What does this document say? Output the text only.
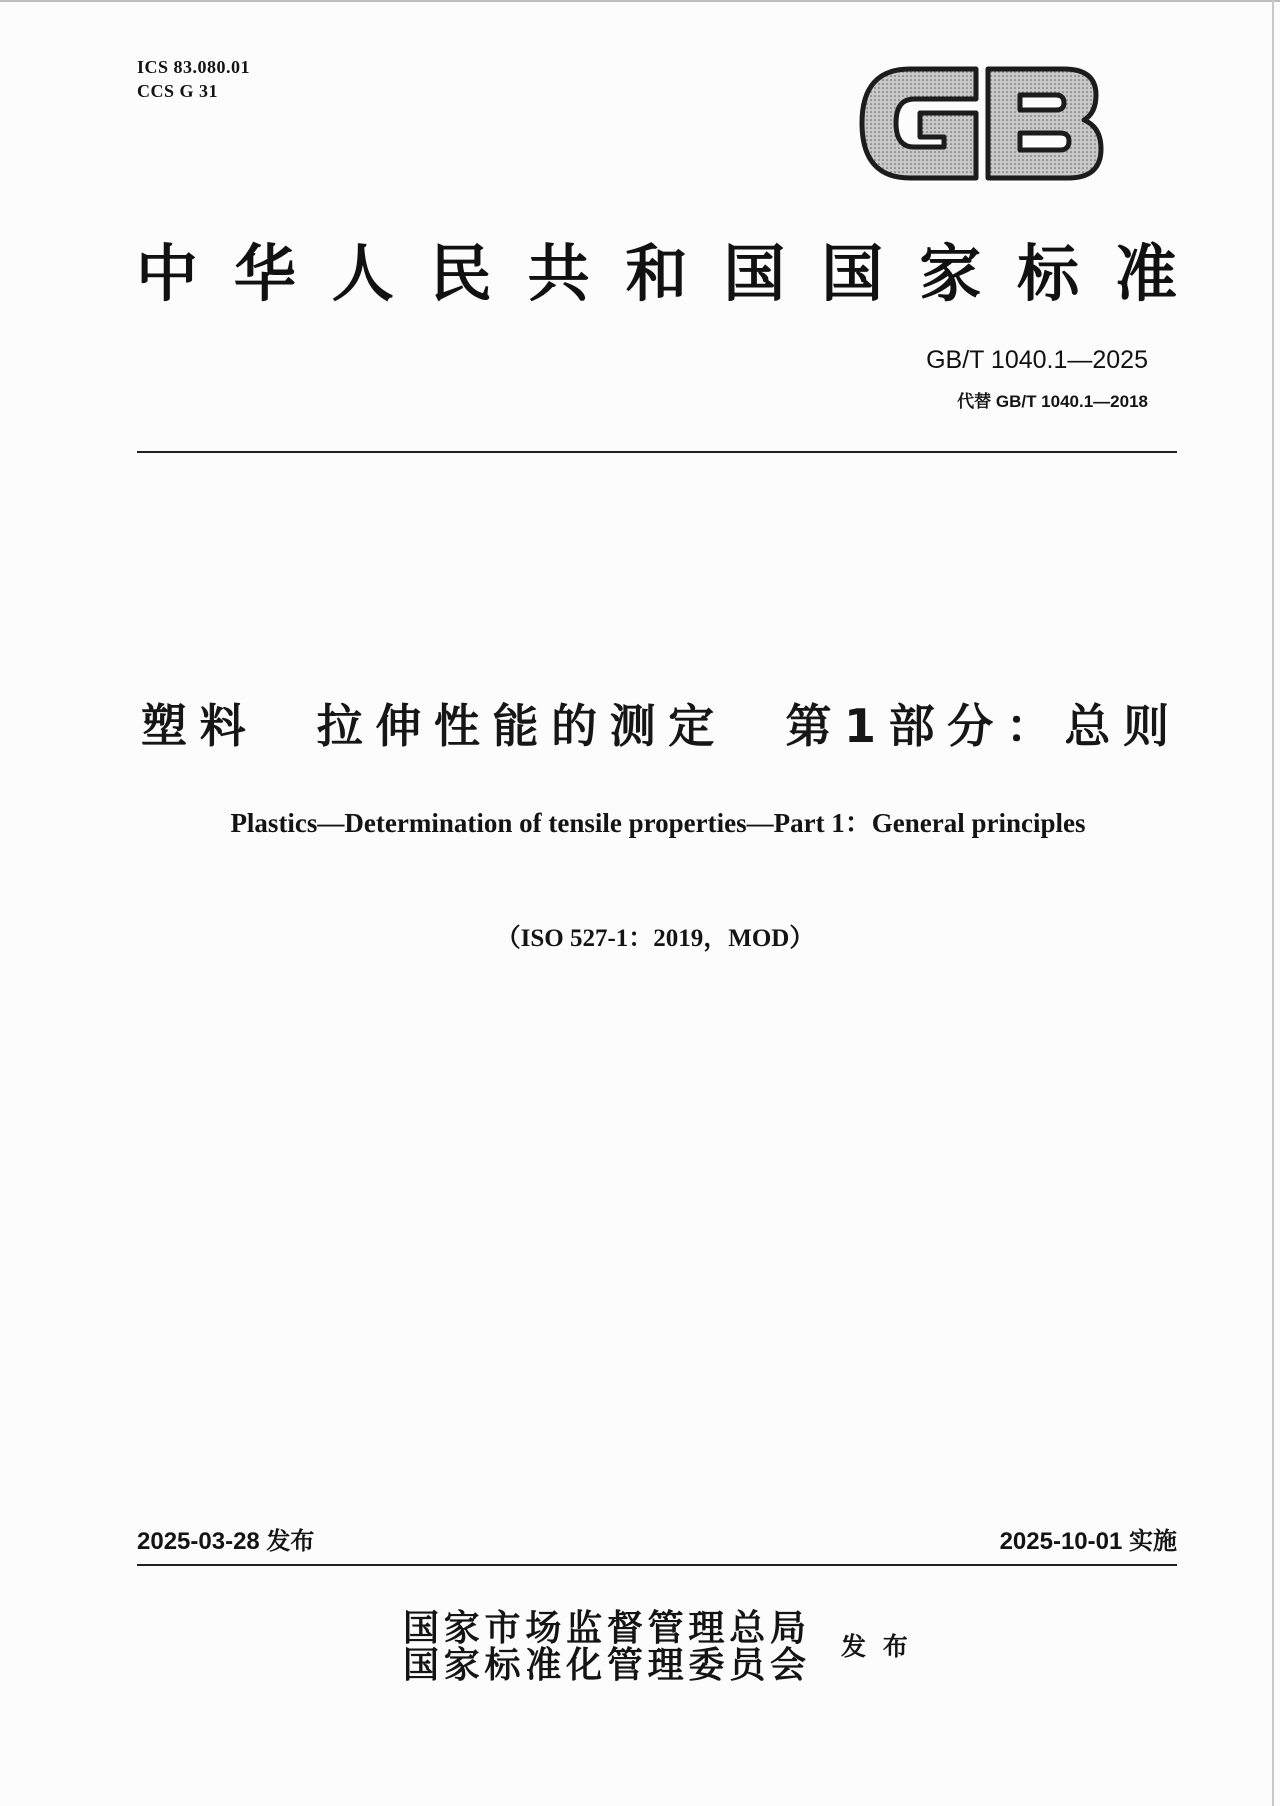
ICS 83.080.01
CCS G 31
中华人民共和国国家标准
GB/T 1040.1—2025
代替 GB/T 1040.1—2018
塑料　拉伸性能的测定　第1部分：总则
Plastics—Determination of tensile properties—Part 1：General principles
（ISO 527-1：2019，MOD）
2025-03-28 发布	2025-10-01 实施
国家市场监督管理总局
国家标准化管理委员会 发 布
